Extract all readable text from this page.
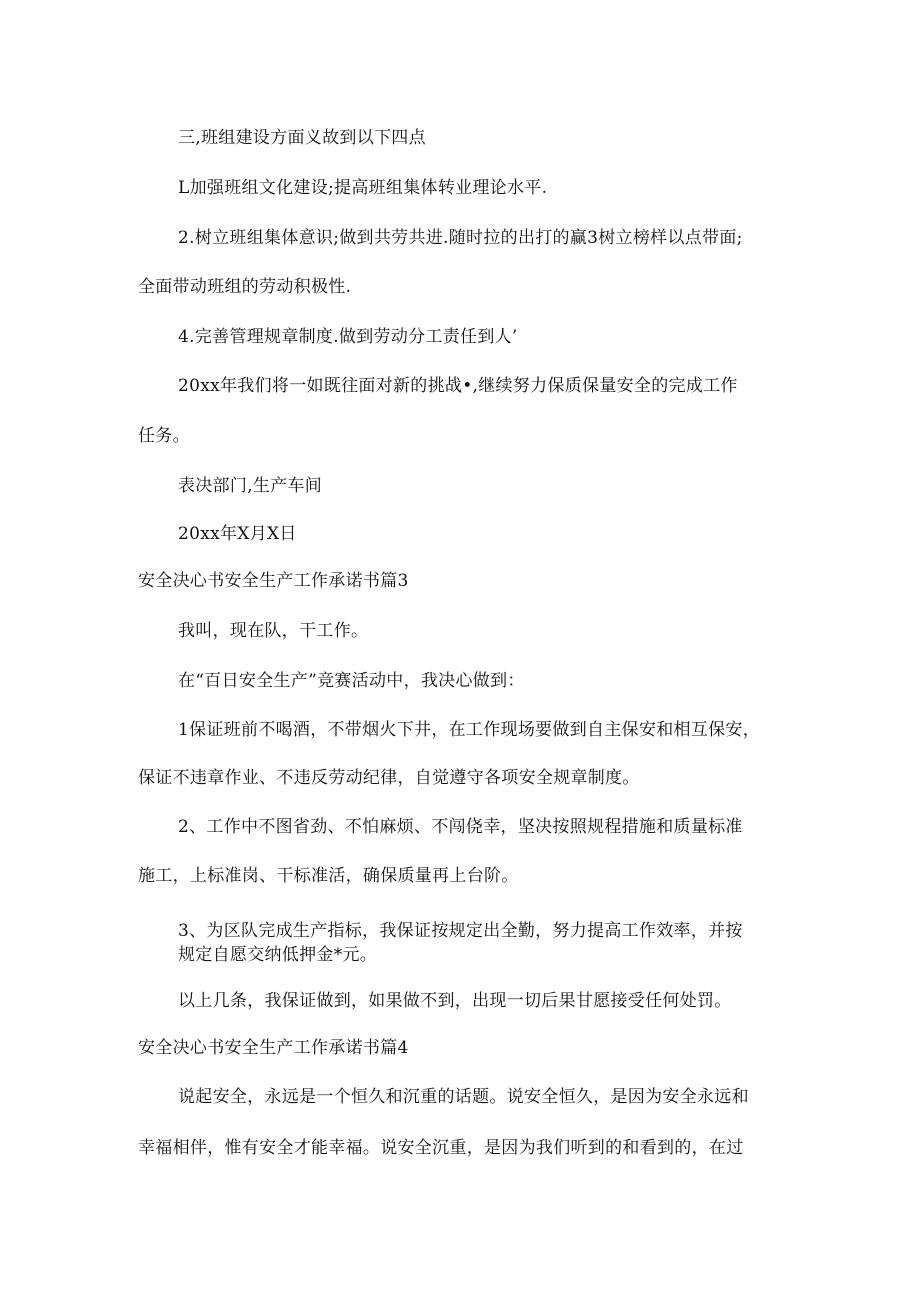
三,班组建设方面义故到以下四点
L加强班组文化建设;提高班组集体转业理论水平.
2.树立班组集体意识;做到共劳共进.随时拉的出打的赢3树立榜样以点带面;
全面带动班组的劳动积极性.
4.完善管理规章制度.做到劳动分工责任到人’
20xx年我们将一如既往面对新的挑战•,继续努力保质保量安全的完成工作
任务。
表决部门,生产车间
20xx年X月X日
安全决心书安全生产工作承诺书篇3
我叫，现在队，干工作。
在“百日安全生产”竞赛活动中，我决心做到：
1保证班前不喝酒，不带烟火下井，在工作现场要做到自主保安和相互保安，
保证不违章作业、不违反劳动纪律，自觉遵守各项安全规章制度。
2、工作中不图省劲、不怕麻烦、不闯侥幸，坚决按照规程措施和质量标准
施工，上标准岗、干标准活，确保质量再上台阶。
3、为区队完成生产指标，我保证按规定出全勤，努力提高工作效率，并按
规定自愿交纳低押金*元。
以上几条，我保证做到，如果做不到，出现一切后果甘愿接受任何处罚。
安全决心书安全生产工作承诺书篇4
说起安全，永远是一个恒久和沉重的话题。说安全恒久，是因为安全永远和
幸福相伴，惟有安全才能幸福。说安全沉重，是因为我们听到的和看到的，在过
